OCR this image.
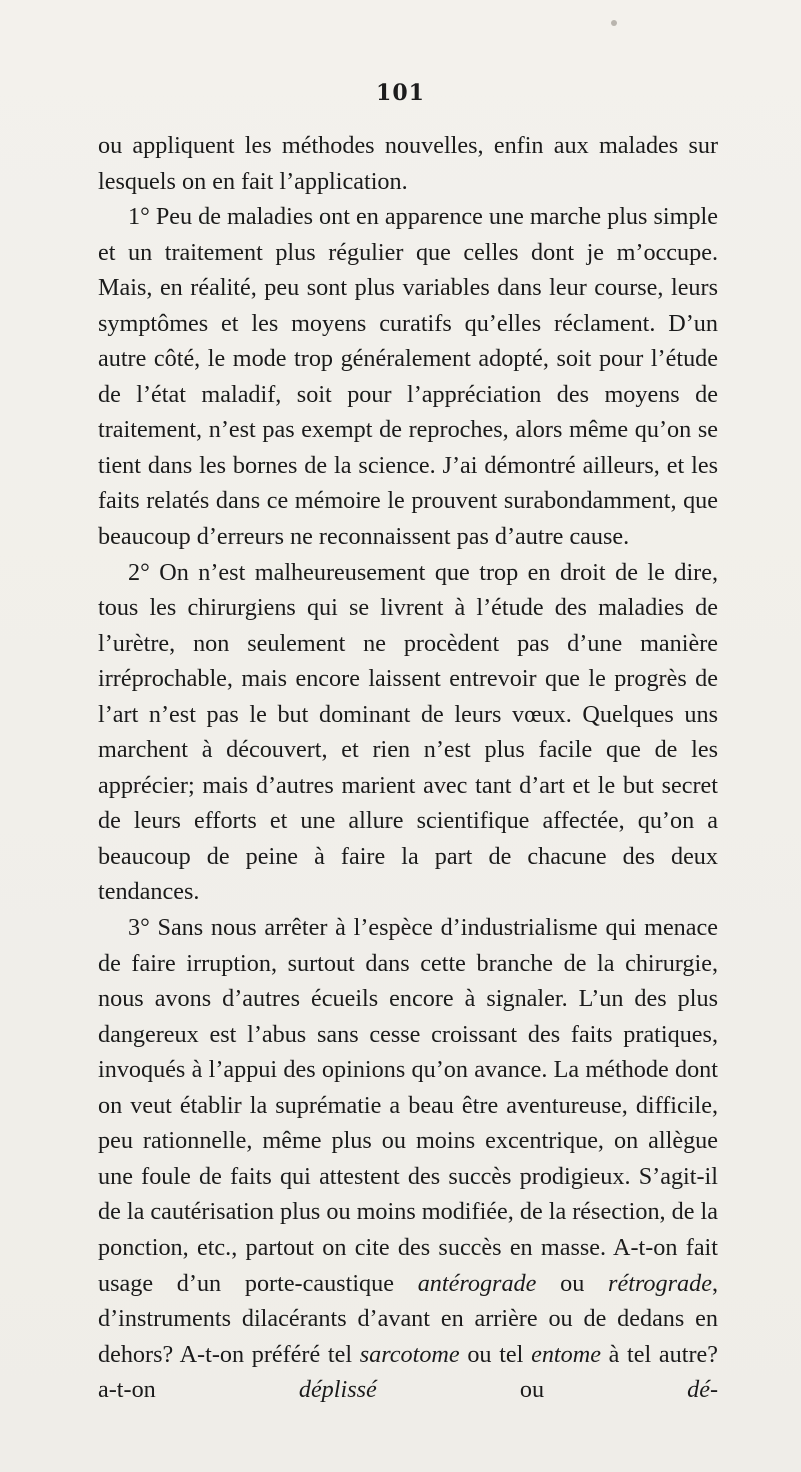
101

ou appliquent les méthodes nouvelles, enfin aux malades sur lesquels on en fait l’application.

1° Peu de maladies ont en apparence une marche plus simple et un traitement plus régulier que celles dont je m’occupe. Mais, en réalité, peu sont plus variables dans leur course, leurs symptômes et les moyens curatifs qu’elles réclament. D’un autre côté, le mode trop généralement adopté, soit pour l’étude de l’état maladif, soit pour l’appréciation des moyens de traitement, n’est pas exempt de reproches, alors même qu’on se tient dans les bornes de la science. J’ai démontré ailleurs, et les faits relatés dans ce mémoire le prouvent surabondamment, que beaucoup d’erreurs ne reconnaissent pas d’autre cause.

2° On n’est malheureusement que trop en droit de le dire, tous les chirurgiens qui se livrent à l’étude des maladies de l’urètre, non seulement ne procèdent pas d’une manière irréprochable, mais encore laissent entrevoir que le progrès de l’art n’est pas le but dominant de leurs vœux. Quelques uns marchent à découvert, et rien n’est plus facile que de les apprécier; mais d’autres marient avec tant d’art et le but secret de leurs efforts et une allure scientifique affectée, qu’on a beaucoup de peine à faire la part de chacune des deux tendances.

3° Sans nous arrêter à l’espèce d’industrialisme qui menace de faire irruption, surtout dans cette branche de la chirurgie, nous avons d’autres écueils encore à signaler. L’un des plus dangereux est l’abus sans cesse croissant des faits pratiques, invoqués à l’appui des opinions qu’on avance. La méthode dont on veut établir la suprématie a beau être aventureuse, difficile, peu rationnelle, même plus ou moins excentrique, on allègue une foule de faits qui attestent des succès prodigieux. S’agit-il de la cautérisation plus ou moins modifiée, de la résection, de la ponction, etc., partout on cite des succès en masse. A-t-on fait usage d’un porte-caustique antérograde ou rétrograde, d’instruments dilacérants d’avant en arrière ou de dedans en dehors? A-t-on préféré tel sarcotome ou tel entome à tel autre? a-t-on	déplissé	ou	dé-
